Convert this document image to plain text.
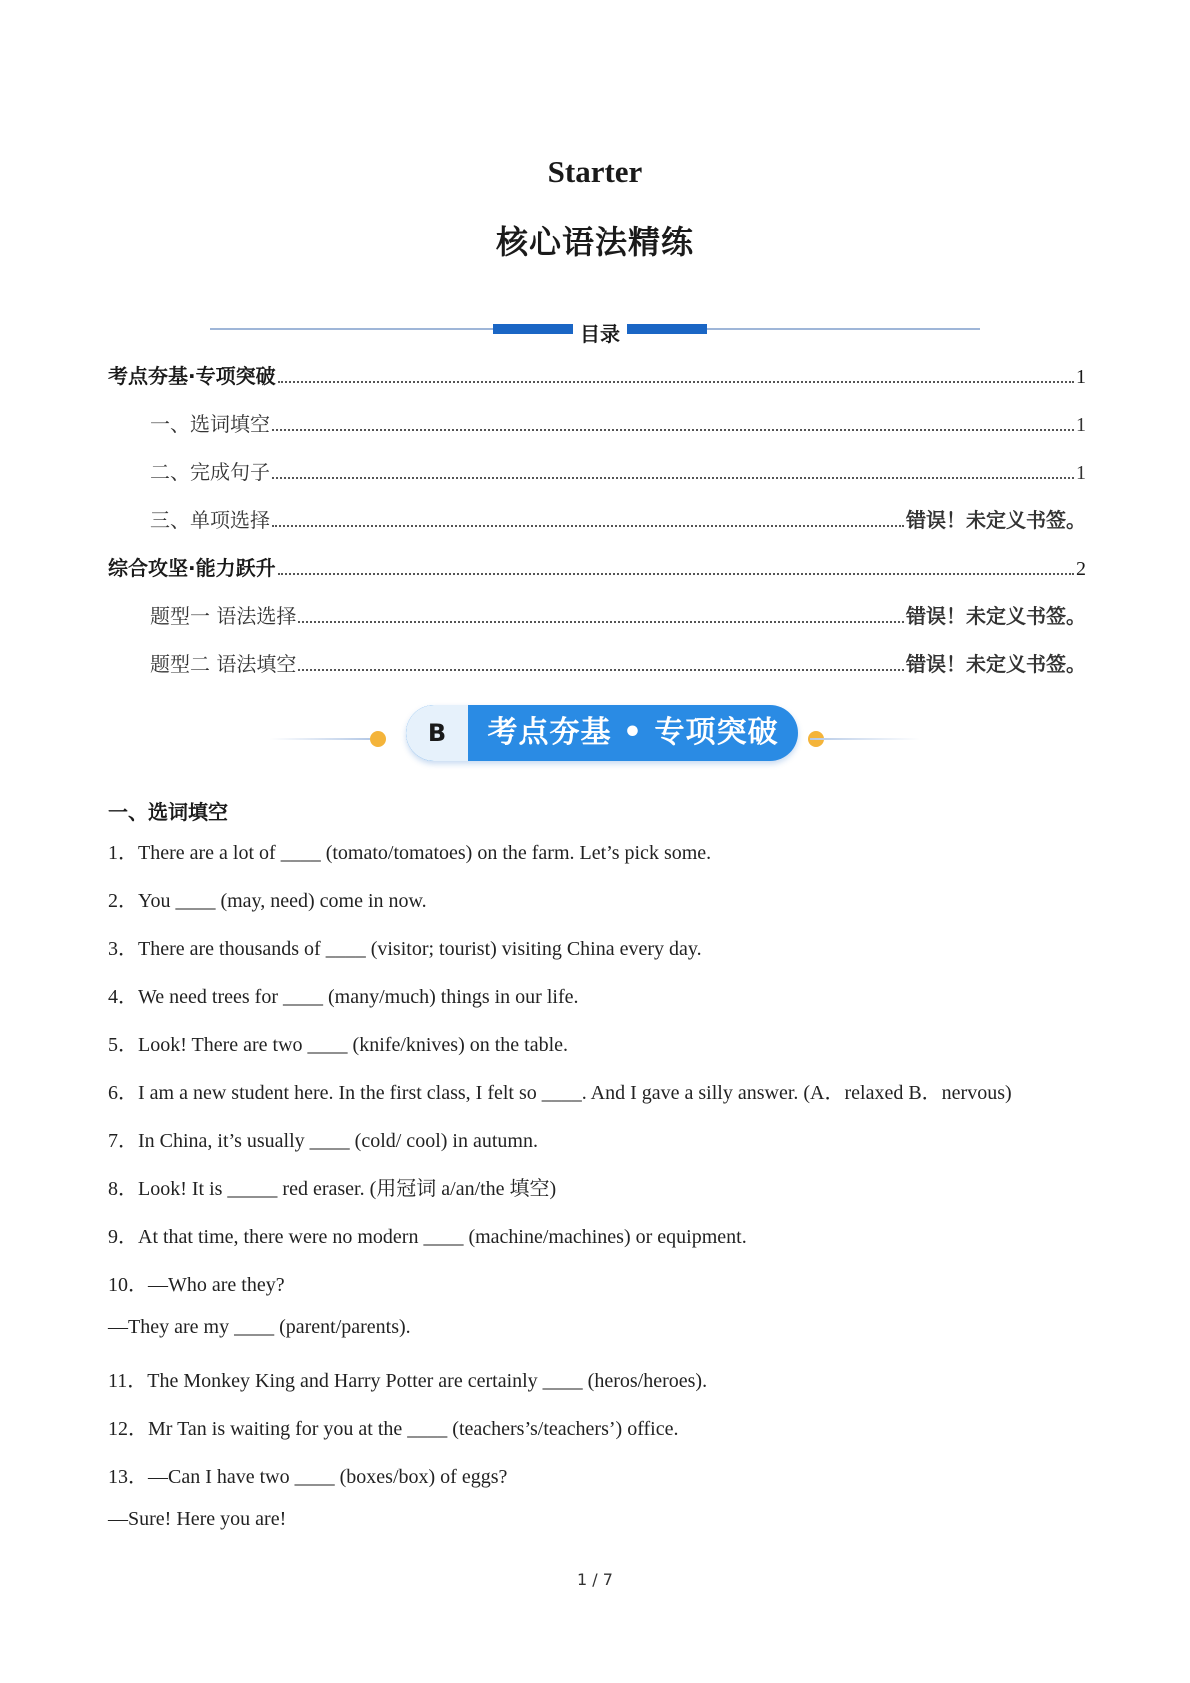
Starter
核心语法精练
目录
考点夯基·专项突破	1
一、选词填空	1
二、完成句子	1
三、单项选择	错误！未定义书签。
综合攻坚·能力跃升	2
题型一 语法选择	错误！未定义书签。
题型二 语法填空	错误！未定义书签。
B	考点夯基 • 专项突破
一、选词填空
1．There are a lot of ____ (tomato/tomatoes) on the farm. Let’s pick some.
2．You ____ (may, need) come in now.
3．There are thousands of ____ (visitor; tourist) visiting China every day.
4．We need trees for ____ (many/much) things in our life.
5．Look! There are two ____ (knife/knives) on the table.
6．I am a new student here. In the first class, I felt so ____. And I gave a silly answer. (A．relaxed B．nervous)
7．In China, it’s usually ____ (cold/ cool) in autumn.
8．Look! It is _____ red eraser. (用冠词 a/an/the 填空)
9．At that time, there were no modern ____ (machine/machines) or equipment.
10．—Who are they?
—They are my ____ (parent/parents).
11．The Monkey King and Harry Potter are certainly ____ (heros/heroes).
12．Mr Tan is waiting for you at the ____ (teachers’s/teachers’) office.
13．—Can I have two ____ (boxes/box) of eggs?
—Sure! Here you are!
1 / 7
